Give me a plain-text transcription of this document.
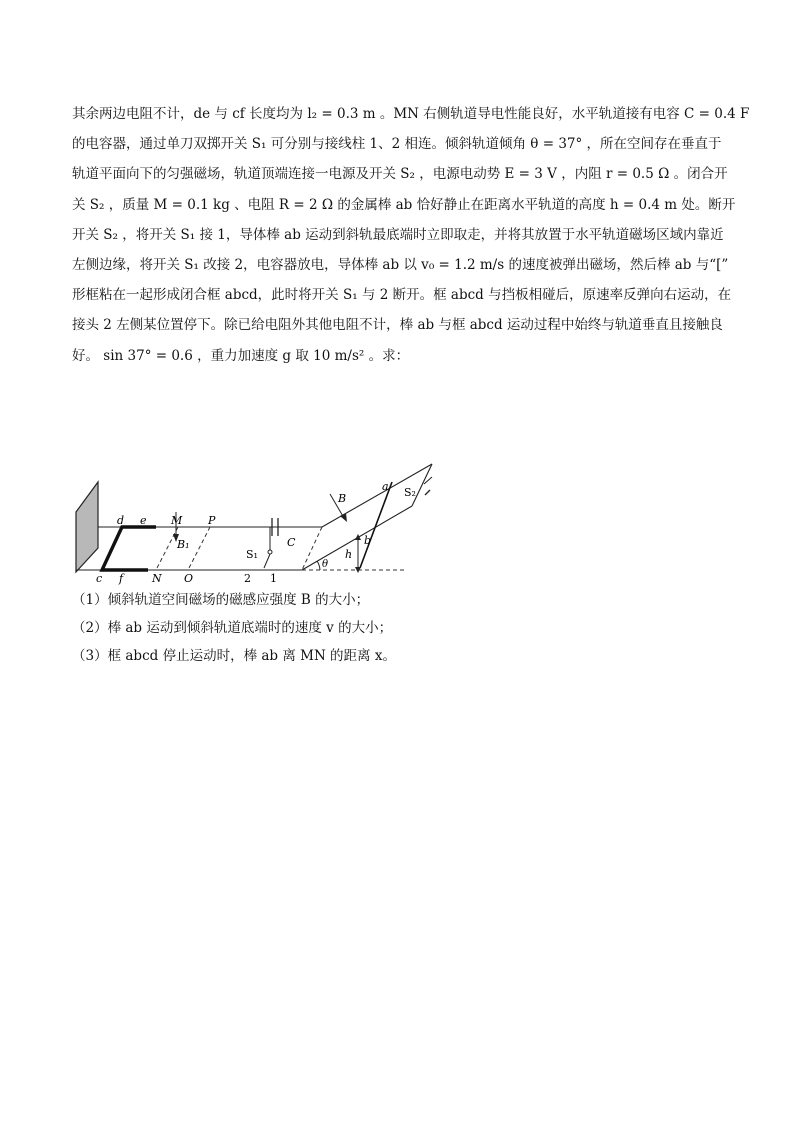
其余两边电阻不计，de 与 cf 长度均为 l₂ = 0.3 m 。MN 右侧轨道导电性能良好，水平轨道接有电容 C = 0.4 F
的电容器，通过单刀双掷开关 S₁ 可分别与接线柱 1、2 相连。倾斜轨道倾角 θ = 37° ，所在空间存在垂直于
轨道平面向下的匀强磁场，轨道顶端连接一电源及开关 S₂ ，电源电动势 E = 3 V ，内阻 r = 0.5 Ω 。闭合开
关 S₂ ，质量 M = 0.1 kg 、电阻 R = 2 Ω 的金属棒 ab 恰好静止在距离水平轨道的高度 h = 0.4 m 处。断开
开关 S₂ ，将开关 S₁ 接 1，导体棒 ab 运动到斜轨最底端时立即取走，并将其放置于水平轨道磁场区域内靠近
左侧边缘，将开关 S₁ 改接 2，电容器放电，导体棒 ab 以 v₀ = 1.2 m/s 的速度被弹出磁场，然后棒 ab 与“[”
形框粘在一起形成闭合框 abcd，此时将开关 S₁ 与 2 断开。框 abcd 与挡板相碰后，原速率反弹向右运动，在
接头 2 左侧某位置停下。除已给电阻外其他电阻不计，棒 ab 与框 abcd 运动过程中始终与轨道垂直且接触良
好。 sin 37° = 0.6 ，重力加速度 g 取 10 m/s² 。求：
d e M P
B₁
c f	N O
S₁
C
2 1
B
a S₂
b
h
θ
（1）倾斜轨道空间磁场的磁感应强度 B 的大小；
（2）棒 ab 运动到倾斜轨道底端时的速度 v 的大小；
（3）框 abcd 停止运动时，棒 ab 离 MN 的距离 x。
